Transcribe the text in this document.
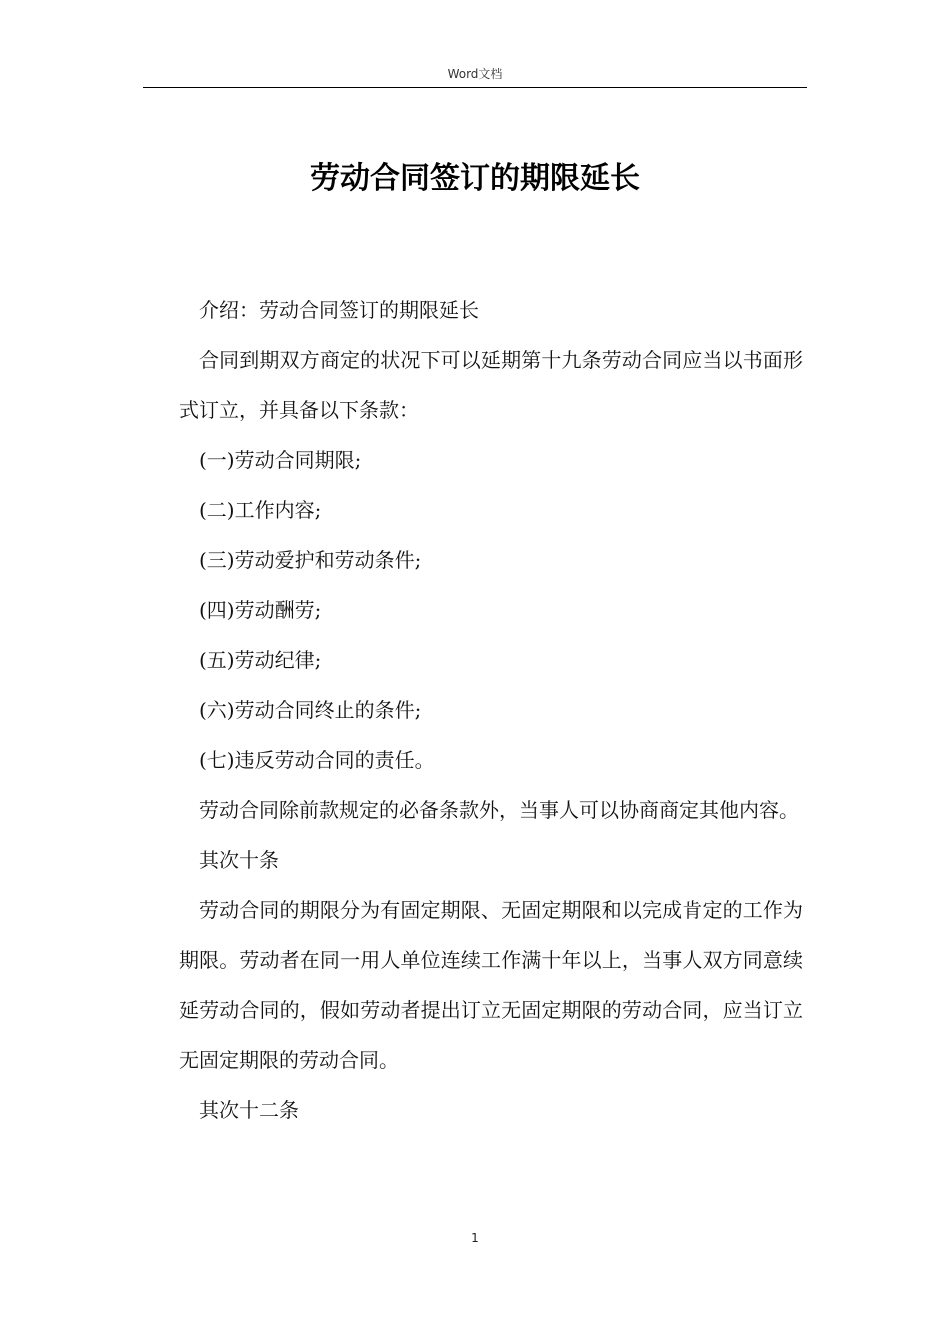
Word文档
劳动合同签订的期限延长

介绍：劳动合同签订的期限延长

合同到期双方商定的状况下可以延期第十九条劳动合同应当以书面形式订立，并具备以下条款：

(一)劳动合同期限;

(二)工作内容;

(三)劳动爱护和劳动条件;

(四)劳动酬劳;

(五)劳动纪律;

(六)劳动合同终止的条件;

(七)违反劳动合同的责任。

劳动合同除前款规定的必备条款外，当事人可以协商商定其他内容。

其次十条

劳动合同的期限分为有固定期限、无固定期限和以完成肯定的工作为期限。劳动者在同一用人单位连续工作满十年以上，当事人双方同意续延劳动合同的，假如劳动者提出订立无固定期限的劳动合同，应当订立无固定期限的劳动合同。

其次十二条

1
